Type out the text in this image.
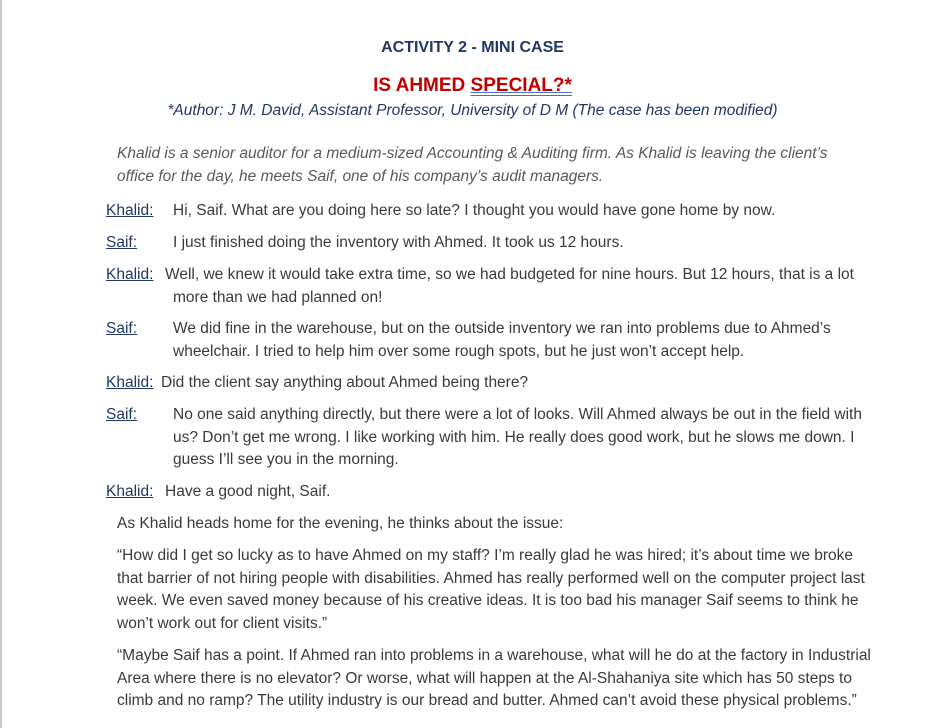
ACTIVITY 2 - MINI CASE
IS AHMED SPECIAL?*
*Author: J M. David, Assistant Professor, University of D M (The case has been modified)
Khalid is a senior auditor for a medium-sized Accounting & Auditing firm. As Khalid is leaving the client’s office for the day, he meets Saif, one of his company’s audit managers.
Khalid: Hi, Saif. What are you doing here so late? I thought you would have gone home by now.
Saif: I just finished doing the inventory with Ahmed. It took us 12 hours.
Khalid: Well, we knew it would take extra time, so we had budgeted for nine hours. But 12 hours, that is a lot more than we had planned on!
Saif: We did fine in the warehouse, but on the outside inventory we ran into problems due to Ahmed’s wheelchair. I tried to help him over some rough spots, but he just won’t accept help.
Khalid: Did the client say anything about Ahmed being there?
Saif: No one said anything directly, but there were a lot of looks. Will Ahmed always be out in the field with us? Don’t get me wrong. I like working with him. He really does good work, but he slows me down. I guess I’ll see you in the morning.
Khalid: Have a good night, Saif.
As Khalid heads home for the evening, he thinks about the issue:
“How did I get so lucky as to have Ahmed on my staff? I’m really glad he was hired; it’s about time we broke that barrier of not hiring people with disabilities. Ahmed has really performed well on the computer project last week. We even saved money because of his creative ideas. It is too bad his manager Saif seems to think he won’t work out for client visits.”
“Maybe Saif has a point. If Ahmed ran into problems in a warehouse, what will he do at the factory in Industrial Area where there is no elevator? Or worse, what will happen at the Al-Shahaniya site which has 50 steps to climb and no ramp? The utility industry is our bread and butter. Ahmed can’t avoid these physical problems.”
